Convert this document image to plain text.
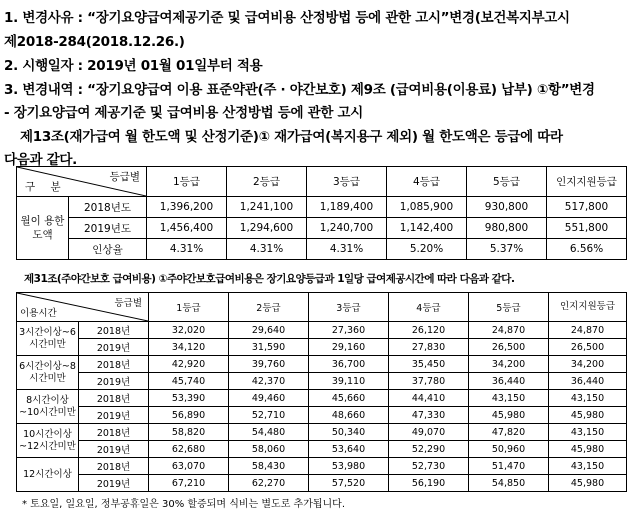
1. 변경사유 : “장기요양급여제공기준 및 급여비용 산정방법 등에 관한 고시”변경(보건복지부고시
제2018-284(2018.12.26.)
2. 시행일자 : 2019년 01월 01일부터 적용
3. 변경내역 : “장기요양급여 이용 표준약관(주 · 야간보호) 제9조 (급여비용(이용료) 납부) ①항”변경
- 장기요양급여 제공기준 및 급여비용 산정방법 등에 관한 고시
제13조(재가급여 월 한도액 및 산정기준)① 재가급여(복지용구 제외) 월 한도액은 등급에 따라
다음과 같다.
등급별
구 분		1등급	2등급	3등급	4등급	5등급	인지지원등급
월이 용한 도액	2018년도	1,396,200	1,241,100	1,189,400	1,085,900	930,800	517,800
	2019년도	1,456,400	1,294,600	1,240,700	1,142,400	980,800	551,800
	인상율	4.31%	4.31%	4.31%	5.20%	5.37%	6.56%
제31조(주야간보호 급여비용) ①주야간보호급여비용은 장기요양등급과 1일당 급여제공시간에 따라 다음과 같다.
등급별
이용시간		1등급	2등급	3등급	4등급	5등급	인지지원등급
3시간이상~6시간미만	2018년	32,020	29,640	27,360	26,120	24,870	24,870
	2019년	34,120	31,590	29,160	27,830	26,500	26,500
6시간이상~8시간미만	2018년	42,920	39,760	36,700	35,450	34,200	34,200
	2019년	45,740	42,370	39,110	37,780	36,440	36,440
8시간이상~10시간미만	2018년	53,390	49,460	45,660	44,410	43,150	43,150
	2019년	56,890	52,710	48,660	47,330	45,980	45,980
10시간이상~12시간미만	2018년	58,820	54,480	50,340	49,070	47,820	43,150
	2019년	62,680	58,060	53,640	52,290	50,960	45,980
12시간이상	2018년	63,070	58,430	53,980	52,730	51,470	43,150
	2019년	67,210	62,270	57,520	56,190	54,850	45,980
* 토요일, 일요일, 정부공휴일은 30% 할증되며 식비는 별도로 추가됩니다.
